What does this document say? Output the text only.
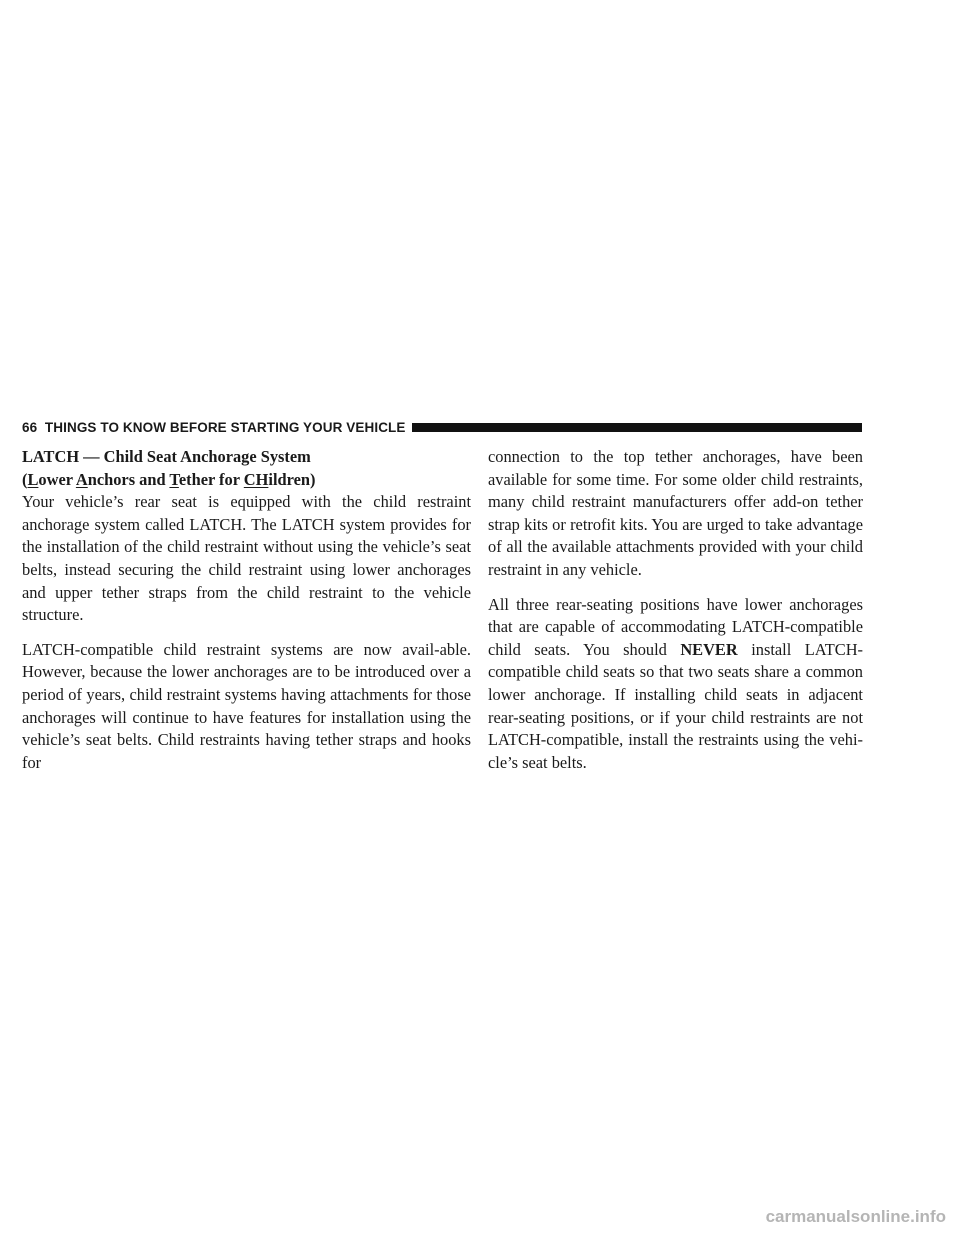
66
THINGS TO KNOW BEFORE STARTING YOUR VEHICLE
LATCH — Child Seat Anchorage System
(Lower Anchors and Tether for CHildren)

Your vehicle’s rear seat is equipped with the child restraint anchorage system called LATCH. The LATCH system provides for the installation of the child restraint without using the vehicle’s seat belts, instead securing the child restraint using lower anchorages and upper tether straps from the child restraint to the vehicle structure.

LATCH-compatible child restraint systems are now avail-able. However, because the lower anchorages are to be introduced over a period of years, child restraint systems having attachments for those anchorages will continue to have features for installation using the vehicle’s seat belts. Child restraints having tether straps and hooks for

connection to the top tether anchorages, have been available for some time. For some older child restraints, many child restraint manufacturers offer add-on tether strap kits or retrofit kits. You are urged to take advantage of all the available attachments provided with your child restraint in any vehicle.

All three rear-seating positions have lower anchorages that are capable of accommodating LATCH-compatible child seats. You should NEVER install LATCH-compatible child seats so that two seats share a common lower anchorage. If installing child seats in adjacent rear-seating positions, or if your child restraints are not LATCH-compatible, install the restraints using the vehi-cle’s seat belts.

carmanualsonline.info
